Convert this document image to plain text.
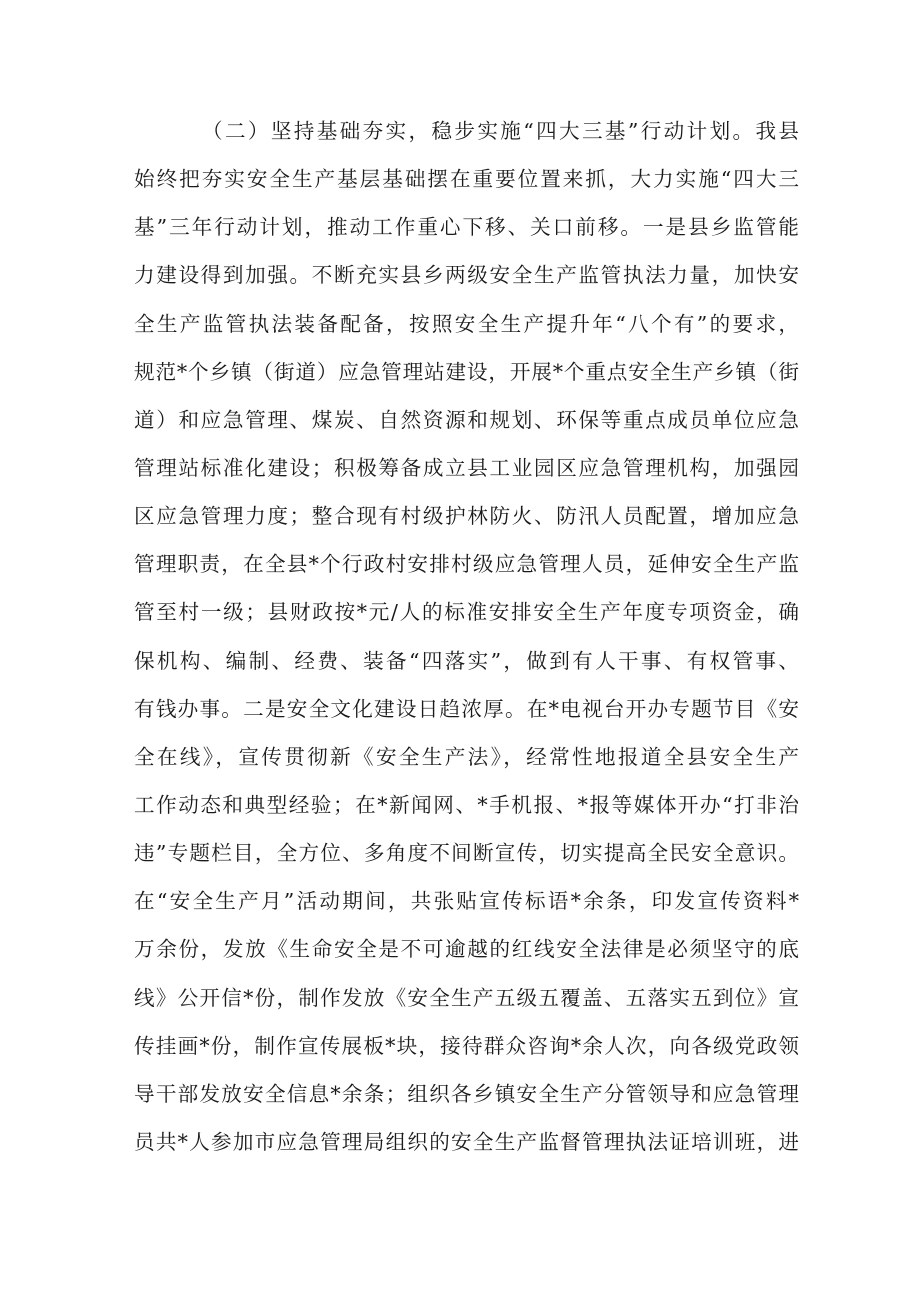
（二）坚持基础夯实，稳步实施“四大三基”行动计划。我县
始终把夯实安全生产基层基础摆在重要位置来抓，大力实施“四大三
基”三年行动计划，推动工作重心下移、关口前移。一是县乡监管能
力建设得到加强。不断充实县乡两级安全生产监管执法力量，加快安
全生产监管执法装备配备，按照安全生产提升年“八个有”的要求，
规范*个乡镇（街道）应急管理站建设，开展*个重点安全生产乡镇（街
道）和应急管理、煤炭、自然资源和规划、环保等重点成员单位应急
管理站标准化建设；积极筹备成立县工业园区应急管理机构，加强园
区应急管理力度；整合现有村级护林防火、防汛人员配置，增加应急
管理职责，在全县*个行政村安排村级应急管理人员，延伸安全生产监
管至村一级；县财政按*元/人的标准安排安全生产年度专项资金，确
保机构、编制、经费、装备“四落实”，做到有人干事、有权管事、
有钱办事。二是安全文化建设日趋浓厚。在*电视台开办专题节目《安
全在线》，宣传贯彻新《安全生产法》，经常性地报道全县安全生产
工作动态和典型经验；在*新闻网、*手机报、*报等媒体开办“打非治
违”专题栏目，全方位、多角度不间断宣传，切实提高全民安全意识。
在“安全生产月”活动期间，共张贴宣传标语*余条，印发宣传资料*
万余份，发放《生命安全是不可逾越的红线安全法律是必须坚守的底
线》公开信*份，制作发放《安全生产五级五覆盖、五落实五到位》宣
传挂画*份，制作宣传展板*块，接待群众咨询*余人次，向各级党政领
导干部发放安全信息*余条；组织各乡镇安全生产分管领导和应急管理
员共*人参加市应急管理局组织的安全生产监督管理执法证培训班，进
